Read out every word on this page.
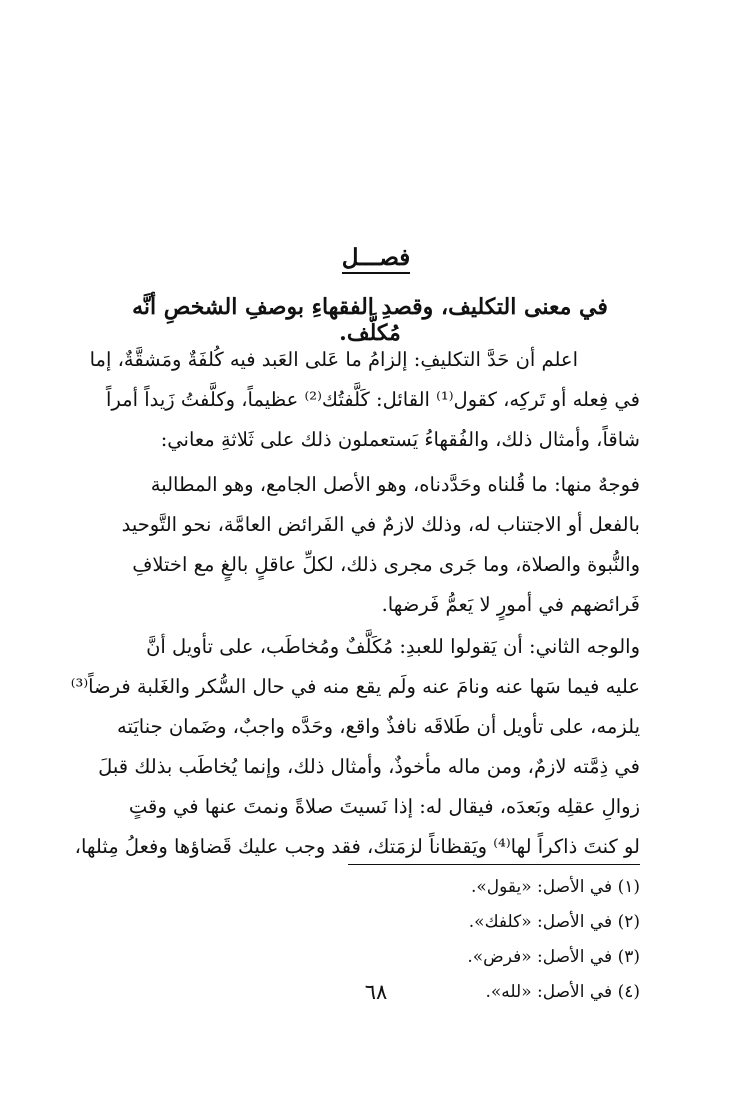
فصـــل
في معنى التكليف، وقصدِ الفقهاءِ بوصفِ الشخصِ أنَّه مُكلَّف.
اعلم أن حَدَّ التكليفِ: إلزامُ ما عَلى العَبد فيه كُلفَةٌ ومَشقَّةٌ، إما
في فِعله أو تَركِه، كقول⁽¹⁾ القائل: كَلَّفتُك⁽²⁾ عظيماً، وكلَّفتُ زَيداً أمراً
شاقاً، وأمثال ذلك، والفُقهاءُ يَستعملون ذلك على ثَلاثةِ معاني:
فوجهٌ منها: ما قُلناه وحَدَّدناه، وهو الأصل الجامع، وهو المطالبة
بالفعل أو الاجتناب له، وذلك لازمٌ في الفَرائض العامَّة، نحو التَّوحيد
والنُّبوة والصلاة، وما جَرى مجرى ذلك، لكلِّ عاقلٍ بالغٍ مع اختلافِ
فَرائضهم في أمورٍ لا يَعمُّ فَرضها.
والوجه الثاني: أن يَقولوا للعبدِ: مُكَلَّفٌ ومُخاطَب، على تأويل أنَّ
عليه فيما سَها عنه ونامَ عنه ولَم يقع منه في حال السُّكر والغَلبة فرضاً⁽³⁾
يلزمه، على تأويل أن طَلاقَه نافذٌ واقع، وحَدَّه واجبٌ، وضَمان جنايَته
في ذِمَّته لازمٌ، ومن ماله مأخوذٌ، وأمثال ذلك، وإنما يُخاطَب بذلك قبلَ
زوالِ عقلِه وبَعدَه، فيقال له: إذا نَسيتَ صلاةً ونمتَ عنها في وقتٍ
لو كنتَ ذاكراً لها⁽⁴⁾ ويَقظاناً لزمَتك، فقد وجب عليك قَضاؤها وفعلُ مِثلها،
(١) في الأصل: «يقول».
(٢) في الأصل: «كلفك».
(٣) في الأصل: «فرض».
(٤) في الأصل: «لله».
٦٨
